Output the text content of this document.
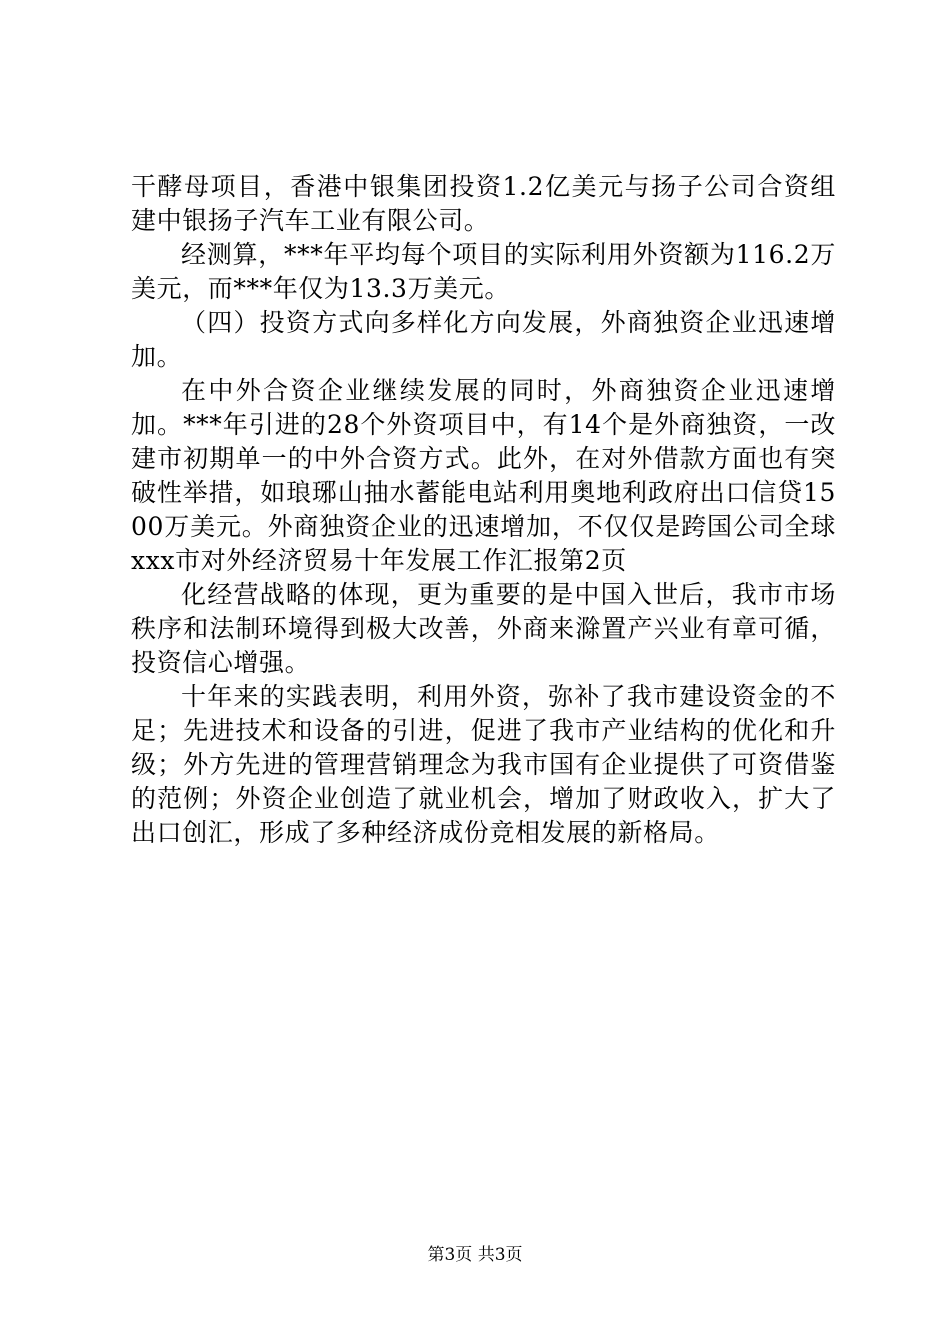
干酵母项目，香港中银集团投资1.2亿美元与扬子公司合资组建中银扬子汽车工业有限公司。

经测算，***年平均每个项目的实际利用外资额为116.2万美元，而***年仅为13.3万美元。

（四）投资方式向多样化方向发展，外商独资企业迅速增加。

在中外合资企业继续发展的同时，外商独资企业迅速增加。***年引进的28个外资项目中，有14个是外商独资，一改建市初期单一的中外合资方式。此外，在对外借款方面也有突破性举措，如琅琊山抽水蓄能电站利用奥地利政府出口信贷1500万美元。外商独资企业的迅速增加，不仅仅是跨国公司全球xxx市对外经济贸易十年发展工作汇报第2页

化经营战略的体现，更为重要的是中国入世后，我市市场秩序和法制环境得到极大改善，外商来滁置产兴业有章可循，投资信心增强。

十年来的实践表明，利用外资，弥补了我市建设资金的不足；先进技术和设备的引进，促进了我市产业结构的优化和升级；外方先进的管理营销理念为我市国有企业提供了可资借鉴的范例；外资企业创造了就业机会，增加了财政收入，扩大了出口创汇，形成了多种经济成份竞相发展的新格局。

第3页 共3页
